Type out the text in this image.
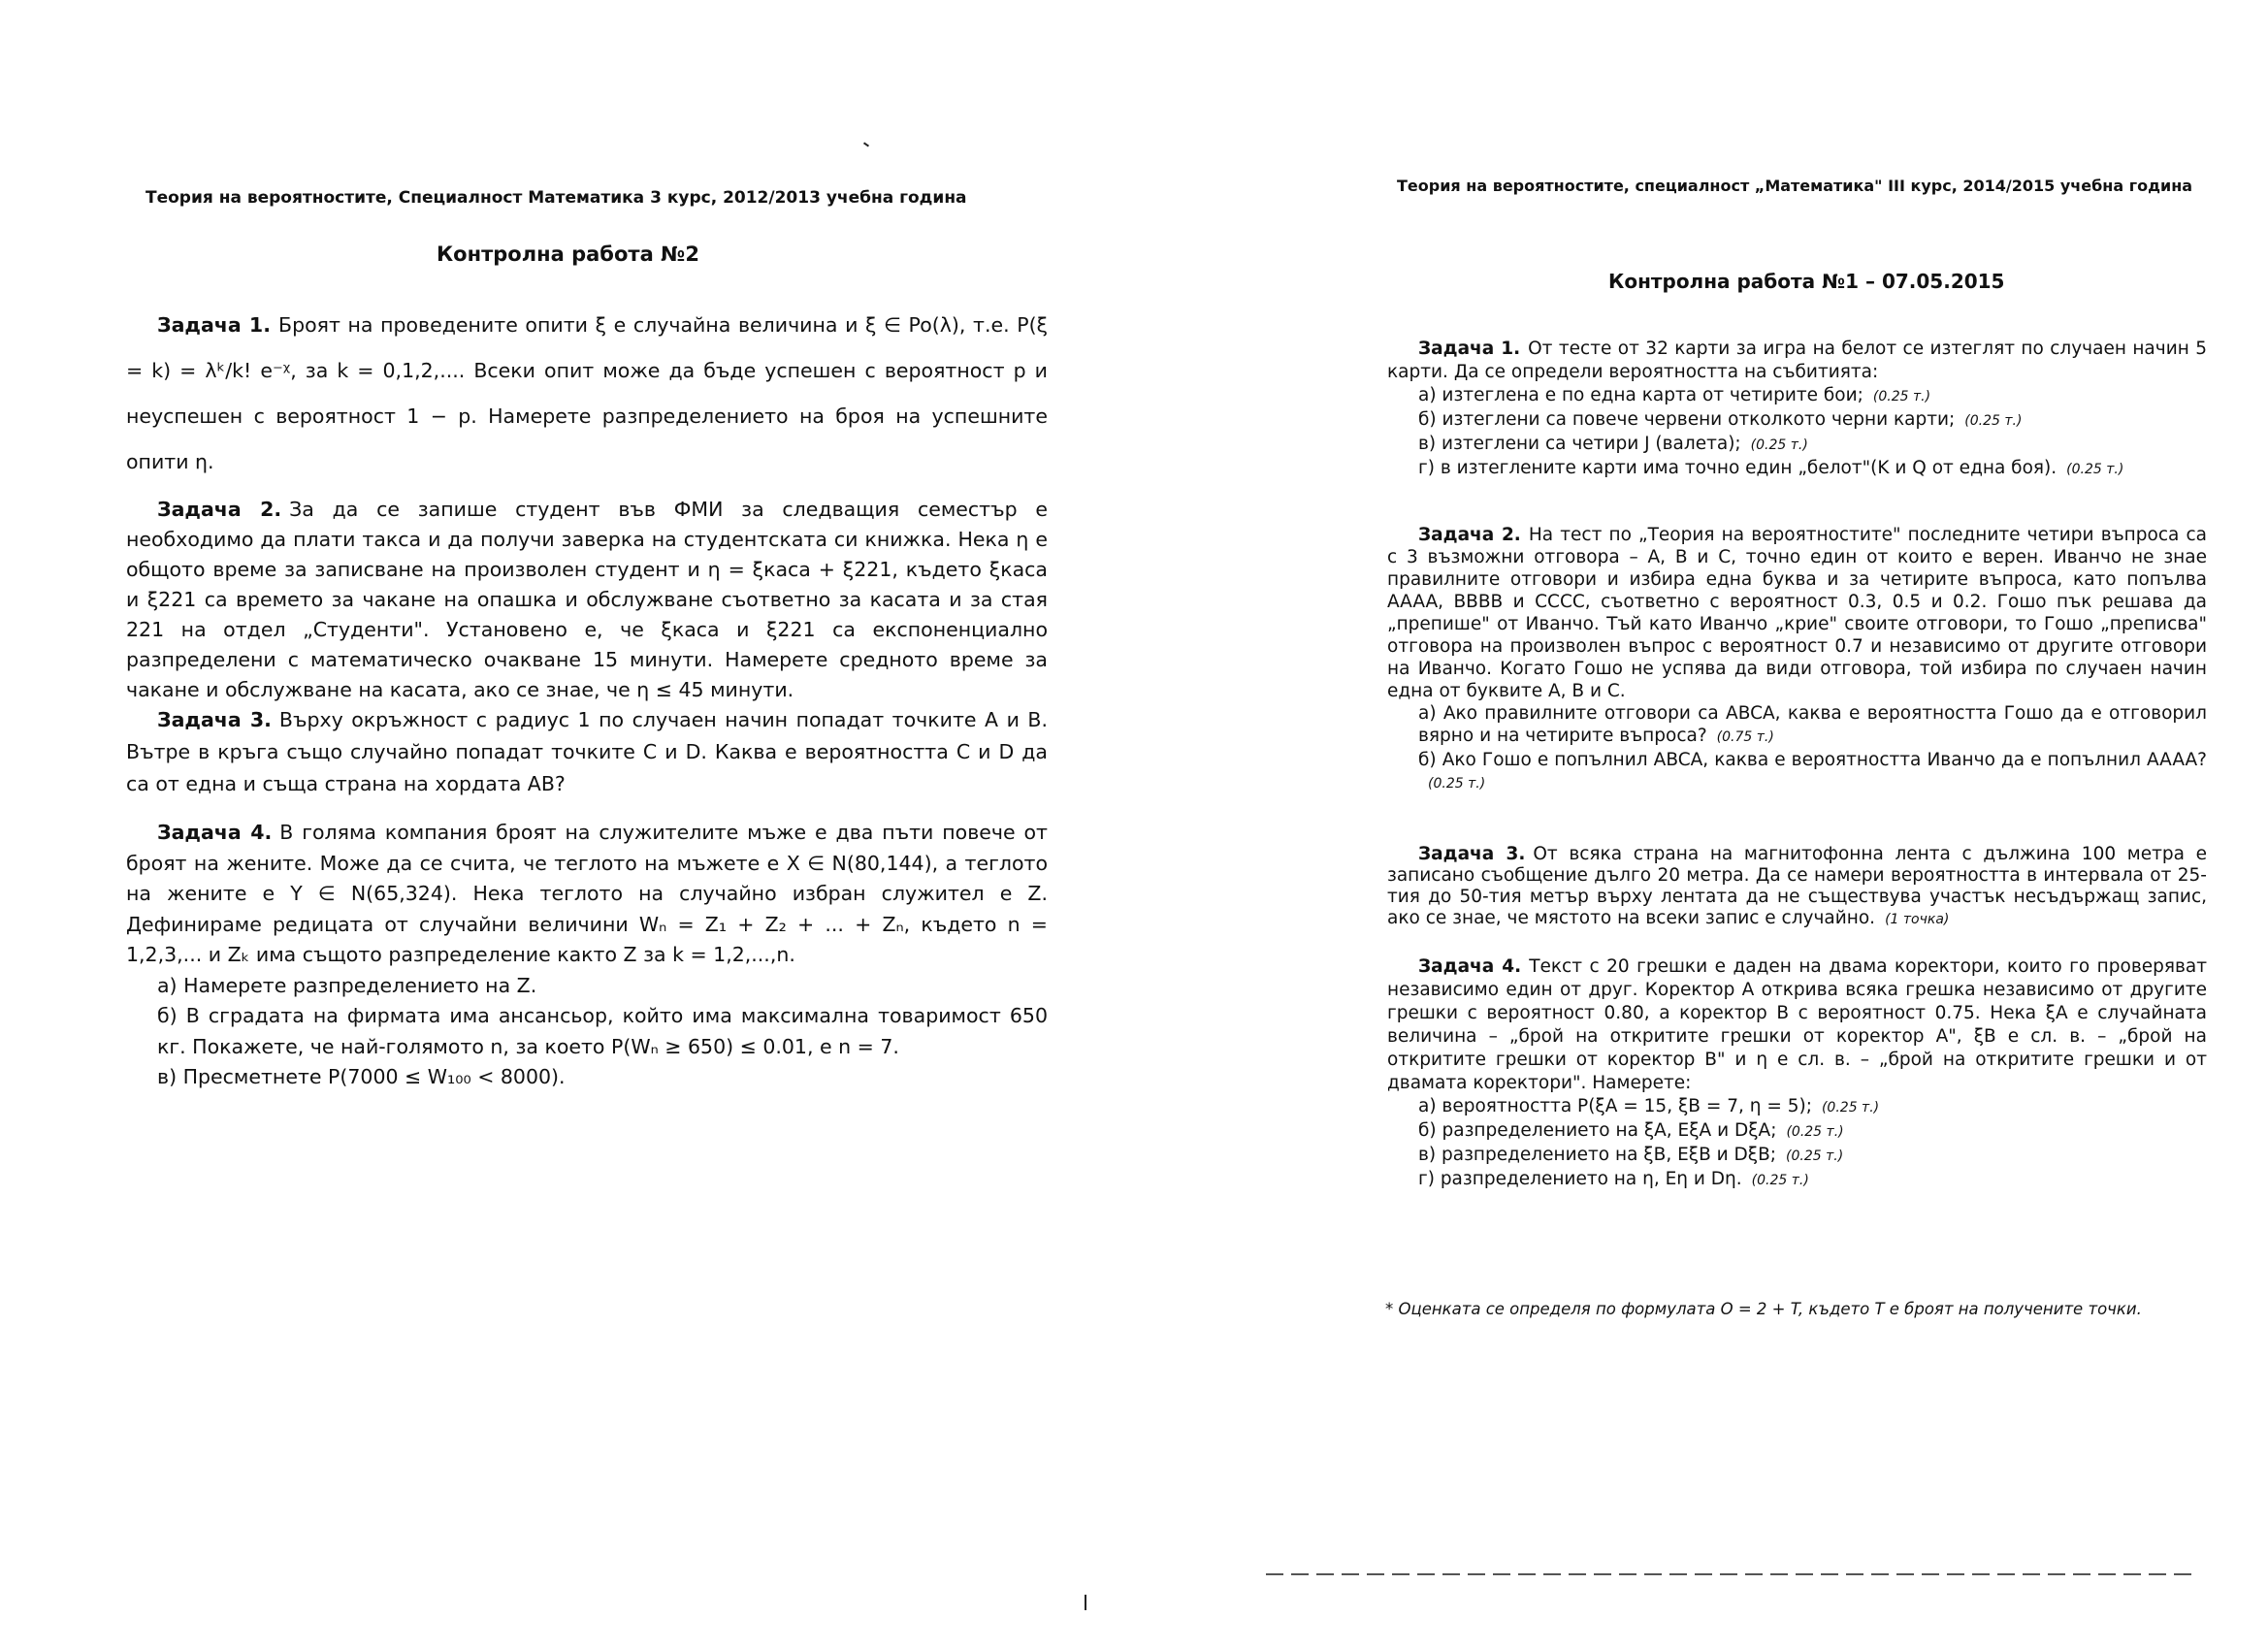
Теория на вероятностите, Специалност Математика 3 курс, 2012/2013 учебна година
Контролна работа №2
Задача 1. Броят на проведените опити ξ е случайна величина и ξ ∈ Po(λ), т.е. P(ξ = k) = λᵏ/k! e⁻ᵡ, за k = 0,1,2,.... Всеки опит може да бъде успешен с вероятност p и неуспешен с вероятност 1 − p. Намерете разпределението на броя на успешните опити η.
Задача 2. За да се запише студент във ФМИ за следващия семестър е необходимо да плати такса и да получи заверка на студентската си книжка. Нека η е общото време за записване на произволен студент и η = ξкаса + ξ221, където ξкаса и ξ221 са времето за чакане на опашка и обслужване съответно за касата и за стая 221 на отдел „Студенти". Установено е, че ξкаса и ξ221 са експоненциално разпределени с математическо очакване 15 минути. Намерете средното време за чакане и обслужване на касата, ако се знае, че η ≤ 45 минути.
Задача 3. Върху окръжност с радиус 1 по случаен начин попадат точките A и B. Вътре в кръга също случайно попадат точките C и D. Каква е вероятността C и D да са от една и съща страна на хордата AB?
Задача 4. В голяма компания броят на служителите мъже е два пъти повече от броят на жените. Може да се счита, че теглото на мъжете е X ∈ N(80,144), а теглото на жените е Y ∈ N(65,324). Нека теглото на случайно избран служител е Z. Дефинираме редицата от случайни величини Wₙ = Z₁ + Z₂ + ... + Zₙ, където n = 1,2,3,... и Zₖ има същото разпределение както Z за k = 1,2,...,n.
а) Намерете разпределението на Z.
б) В сградата на фирмата има ансансьор, който има максимална товаримост 650 кг. Покажете, че най-голямото n, за което P(Wₙ ≥ 650) ≤ 0.01, е n = 7.
в) Пресметнете P(7000 ≤ W₁₀₀ < 8000).
Теория на вероятностите, специалност „Математика" III курс, 2014/2015 учебна година
Контролна работа №1 – 07.05.2015
Задача 1. От тесте от 32 карти за игра на белот се изтеглят по случаен начин 5 карти. Да се определи вероятността на събитията:
а) изтеглена е по една карта от четирите бои; (0.25 т.)
б) изтеглени са повече червени отколкото черни карти; (0.25 т.)
в) изтеглени са четири J (валета); (0.25 т.)
г) в изтеглените карти има точно един „белот"(K и Q от една боя). (0.25 т.)
Задача 2. На тест по „Теория на вероятностите" последните четири въпроса са с 3 възможни отговора – A, B и C, точно един от които е верен. Иванчо не знае правилните отговори и избира една буква и за четирите въпроса, като попълва AAAA, BBBB и CCCC, съответно с вероятност 0.3, 0.5 и 0.2. Гошо пък решава да „препише" от Иванчо. Тъй като Иванчо „крие" своите отговори, то Гошо „преписва" отговора на произволен въпрос с вероятност 0.7 и независимо от другите отговори на Иванчо. Когато Гошо не успява да види отговора, той избира по случаен начин една от буквите A, B и C.
а) Ако правилните отговори са ABCA, каква е вероятността Гошо да е отговорил вярно и на четирите въпроса? (0.75 т.)
б) Ако Гошо е попълнил ABCA, каква е вероятността Иванчо да е попълнил AAAA?(0.25 т.)
Задача 3. От всяка страна на магнитофонна лента с дължина 100 метра е записано съобщение дълго 20 метра. Да се намери вероятността в интервала от 25-тия до 50-тия метър върху лентата да не съществува участък несъдържащ запис, ако се знае, че мястото на всеки запис е случайно. (1 точка)
Задача 4. Текст с 20 грешки е даден на двама коректори, които го проверяват независимо един от друг. Коректор A открива всяка грешка независимо от другите грешки с вероятност 0.80, а коректор B с вероятност 0.75. Нека ξA е случайната величина – „брой на откритите грешки от коректор A", ξB е сл. в. – „брой на откритите грешки от коректор B" и η е сл. в. – „брой на откритите грешки и от двамата коректори". Намерете:
а) вероятността P(ξA = 15, ξB = 7, η = 5); (0.25 т.)
б) разпределението на ξA, EξA и DξA; (0.25 т.)
в) разпределението на ξB, EξB и DξB; (0.25 т.)
г) разпределението на η, Eη и Dη. (0.25 т.)
* Оценката се определя по формулата O = 2 + T, където T е броят на получените точки.
